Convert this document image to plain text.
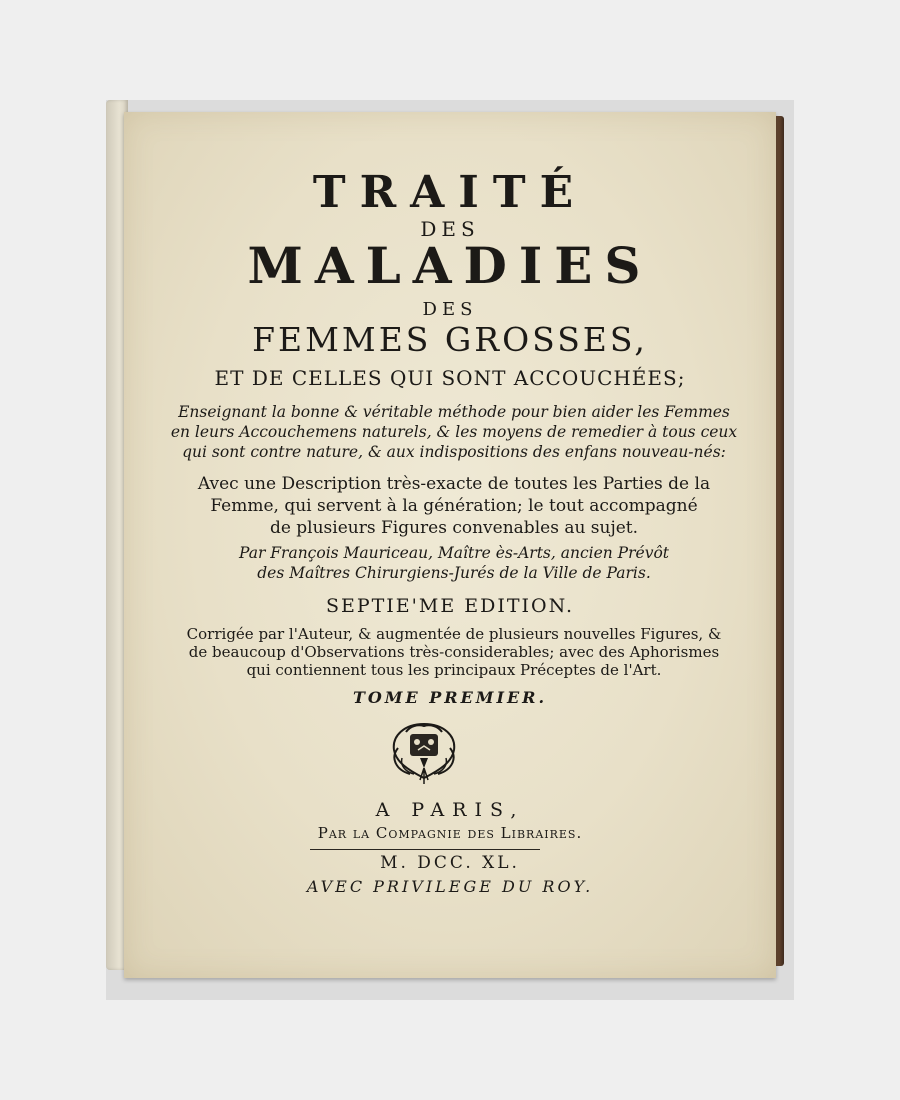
TRAITÉ
DES
MALADIES
DES
FEMMES GROSSES,
ET DE CELLES QUI SONT ACCOUCHÉES;
Enseignant la bonne & véritable méthode pour bien aider les Femmes
en leurs Accouchemens naturels, & les moyens de remedier à tous ceux
qui sont contre nature, & aux indispositions des enfans nouveau-nés:
Avec une Description très-exacte de toutes les Parties de la
Femme, qui servent à la génération; le tout accompagné
de plusieurs Figures convenables au sujet.
Par François Mauriceau, Maître ès-Arts, ancien Prévôt
des Maîtres Chirurgiens-Jurés de la Ville de Paris.
SEPTIE'ME EDITION.
Corrigée par l'Auteur, & augmentée de plusieurs nouvelles Figures, &
de beaucoup d'Observations très-considerables; avec des Aphorismes
qui contiennent tous les principaux Préceptes de l'Art.
TOME PREMIER.
A PARIS,
Par la Compagnie des Libraires.
M. DCC. XL.
AVEC PRIVILEGE DU ROY.
